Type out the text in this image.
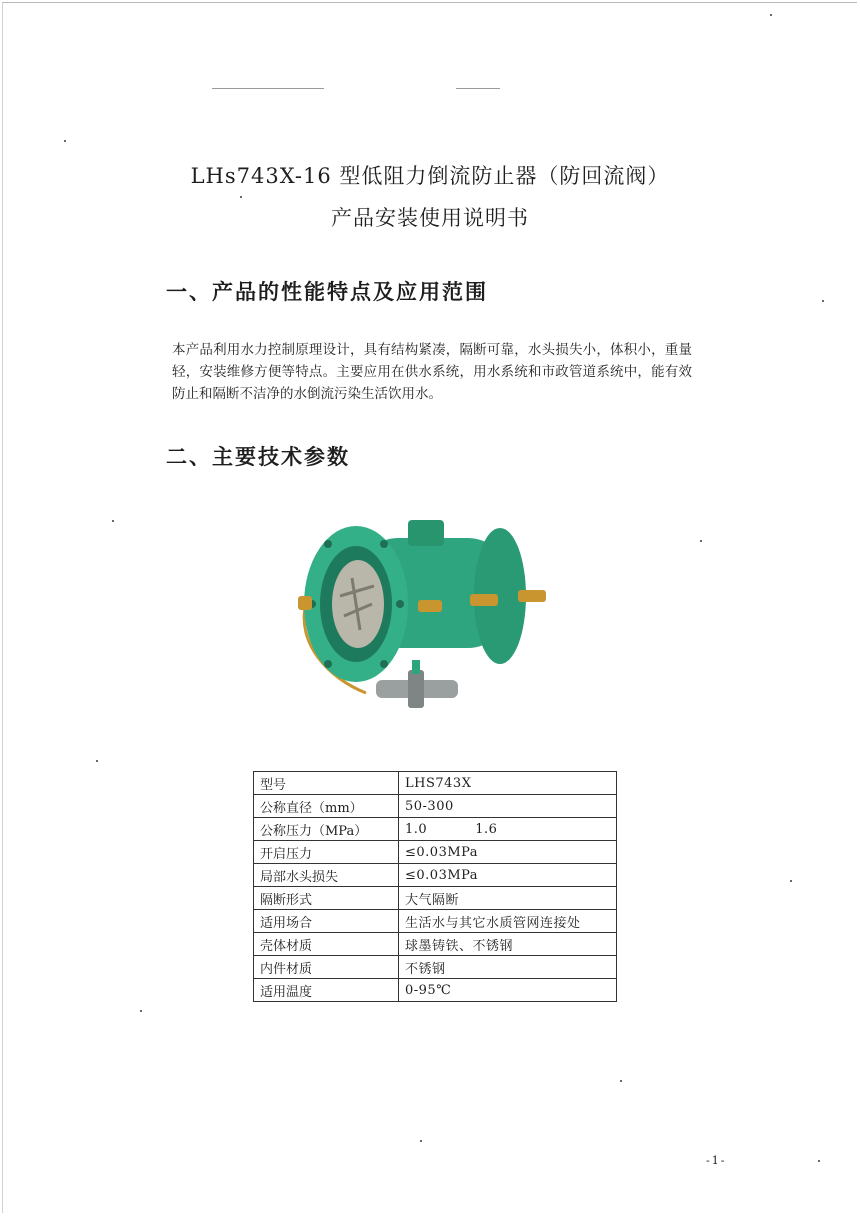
LHs743X-16 型低阻力倒流防止器（防回流阀）
产品安装使用说明书
一、产品的性能特点及应用范围
本产品利用水力控制原理设计，具有结构紧凑，隔断可靠，水头损失小，体积小，重量轻，安装维修方便等特点。主要应用在供水系统，用水系统和市政管道系统中，能有效防止和隔断不洁净的水倒流污染生活饮用水。
二、主要技术参数
型号	LHS743X
公称直径（mm）	50-300
公称压力（MPa）	1.0 1.6
开启压力	≤0.03MPa
局部水头损失	≤0.03MPa
隔断形式	大气隔断
适用场合	生活水与其它水质管网连接处
壳体材质	球墨铸铁、不锈钢
内件材质	不锈钢
适用温度	0-95℃
-1-
